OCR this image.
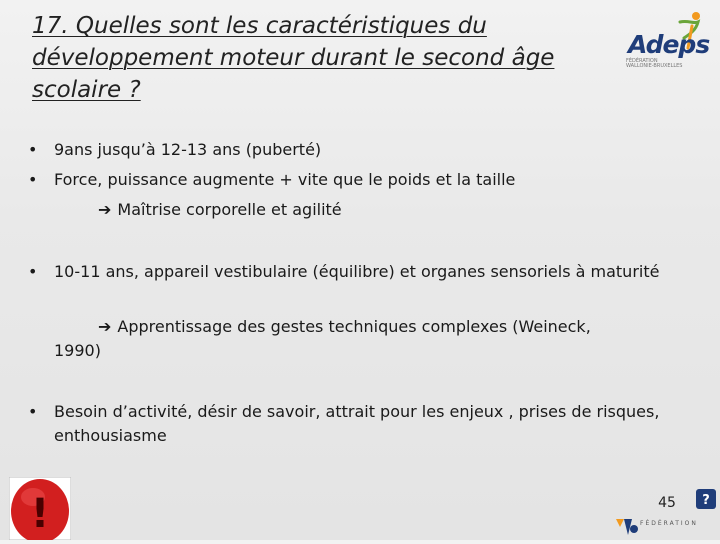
17. Quelles sont les caractéristiques du développement moteur durant le second âge scolaire ?

Adeps

FÉDÉRATION WALLONIE-BRUXELLES

• 9ans jusqu’à 12-13 ans (puberté)

• Force, puissance augmente + vite que le poids et la taille

➔ Maîtrise corporelle et agilité

• 10-11 ans, appareil vestibulaire (équilibre) et organes sensoriels à maturité

➔ Apprentissage des gestes techniques complexes (Weineck,

1990)

• Besoin d’activité, désir de savoir, attrait pour les enjeux , prises de risques, enthousiasme

!	45	?

FÉDÉRATION
